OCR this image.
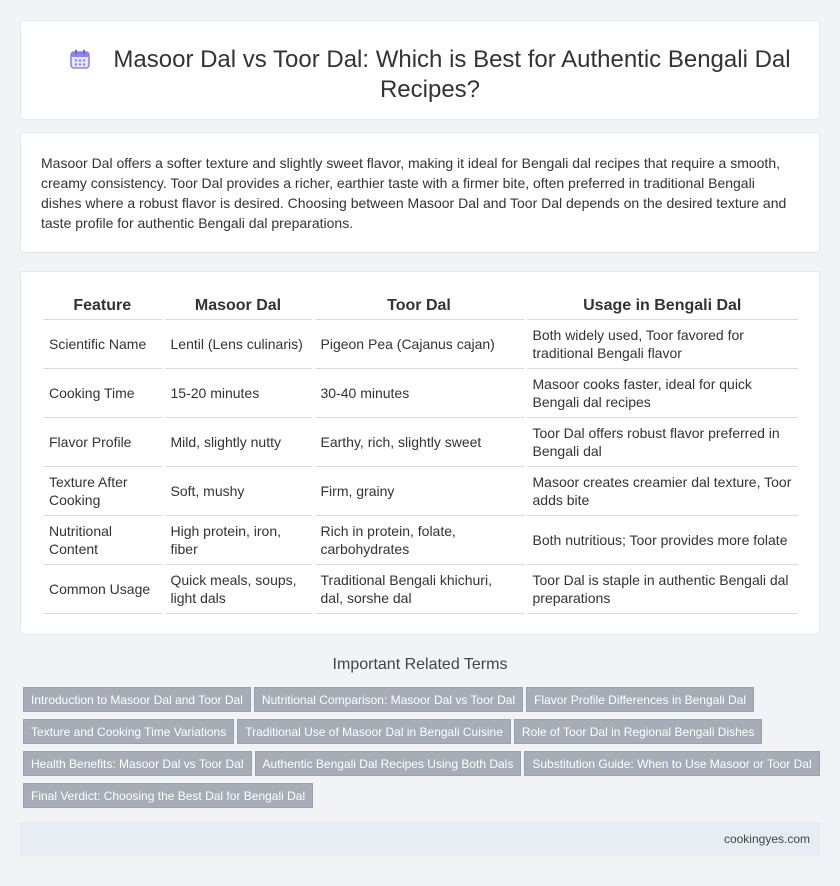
Masoor Dal vs Toor Dal: Which is Best for Authentic Bengali Dal Recipes?

Masoor Dal offers a softer texture and slightly sweet flavor, making it ideal for Bengali dal recipes that require a smooth, creamy consistency. Toor Dal provides a richer, earthier taste with a firmer bite, often preferred in traditional Bengali dishes where a robust flavor is desired. Choosing between Masoor Dal and Toor Dal depends on the desired texture and taste profile for authentic Bengali dal preparations.

Feature	Masoor Dal	Toor Dal	Usage in Bengali Dal
Scientific Name	Lentil (Lens culinaris)	Pigeon Pea (Cajanus cajan)	Both widely used, Toor favored for traditional Bengali flavor
Cooking Time	15-20 minutes	30-40 minutes	Masoor cooks faster, ideal for quick Bengali dal recipes
Flavor Profile	Mild, slightly nutty	Earthy, rich, slightly sweet	Toor Dal offers robust flavor preferred in Bengali dal
Texture After Cooking	Soft, mushy	Firm, grainy	Masoor creates creamier dal texture, Toor adds bite
Nutritional Content	High protein, iron, fiber	Rich in protein, folate, carbohydrates	Both nutritious; Toor provides more folate
Common Usage	Quick meals, soups, light dals	Traditional Bengali khichuri, dal, sorshe dal	Toor Dal is staple in authentic Bengali dal preparations
Important Related Terms
Introduction to Masoor Dal and Toor Dal Nutritional Comparison: Masoor Dal vs Toor Dal Flavor Profile Differences in Bengali Dal
Texture and Cooking Time Variations Traditional Use of Masoor Dal in Bengali Cuisine Role of Toor Dal in Regional Bengali Dishes
Health Benefits: Masoor Dal vs Toor Dal Authentic Bengali Dal Recipes Using Both Dals Substitution Guide: When to Use Masoor or Toor Dal
Final Verdict: Choosing the Best Dal for Bengali Dal
cookingyes.com
